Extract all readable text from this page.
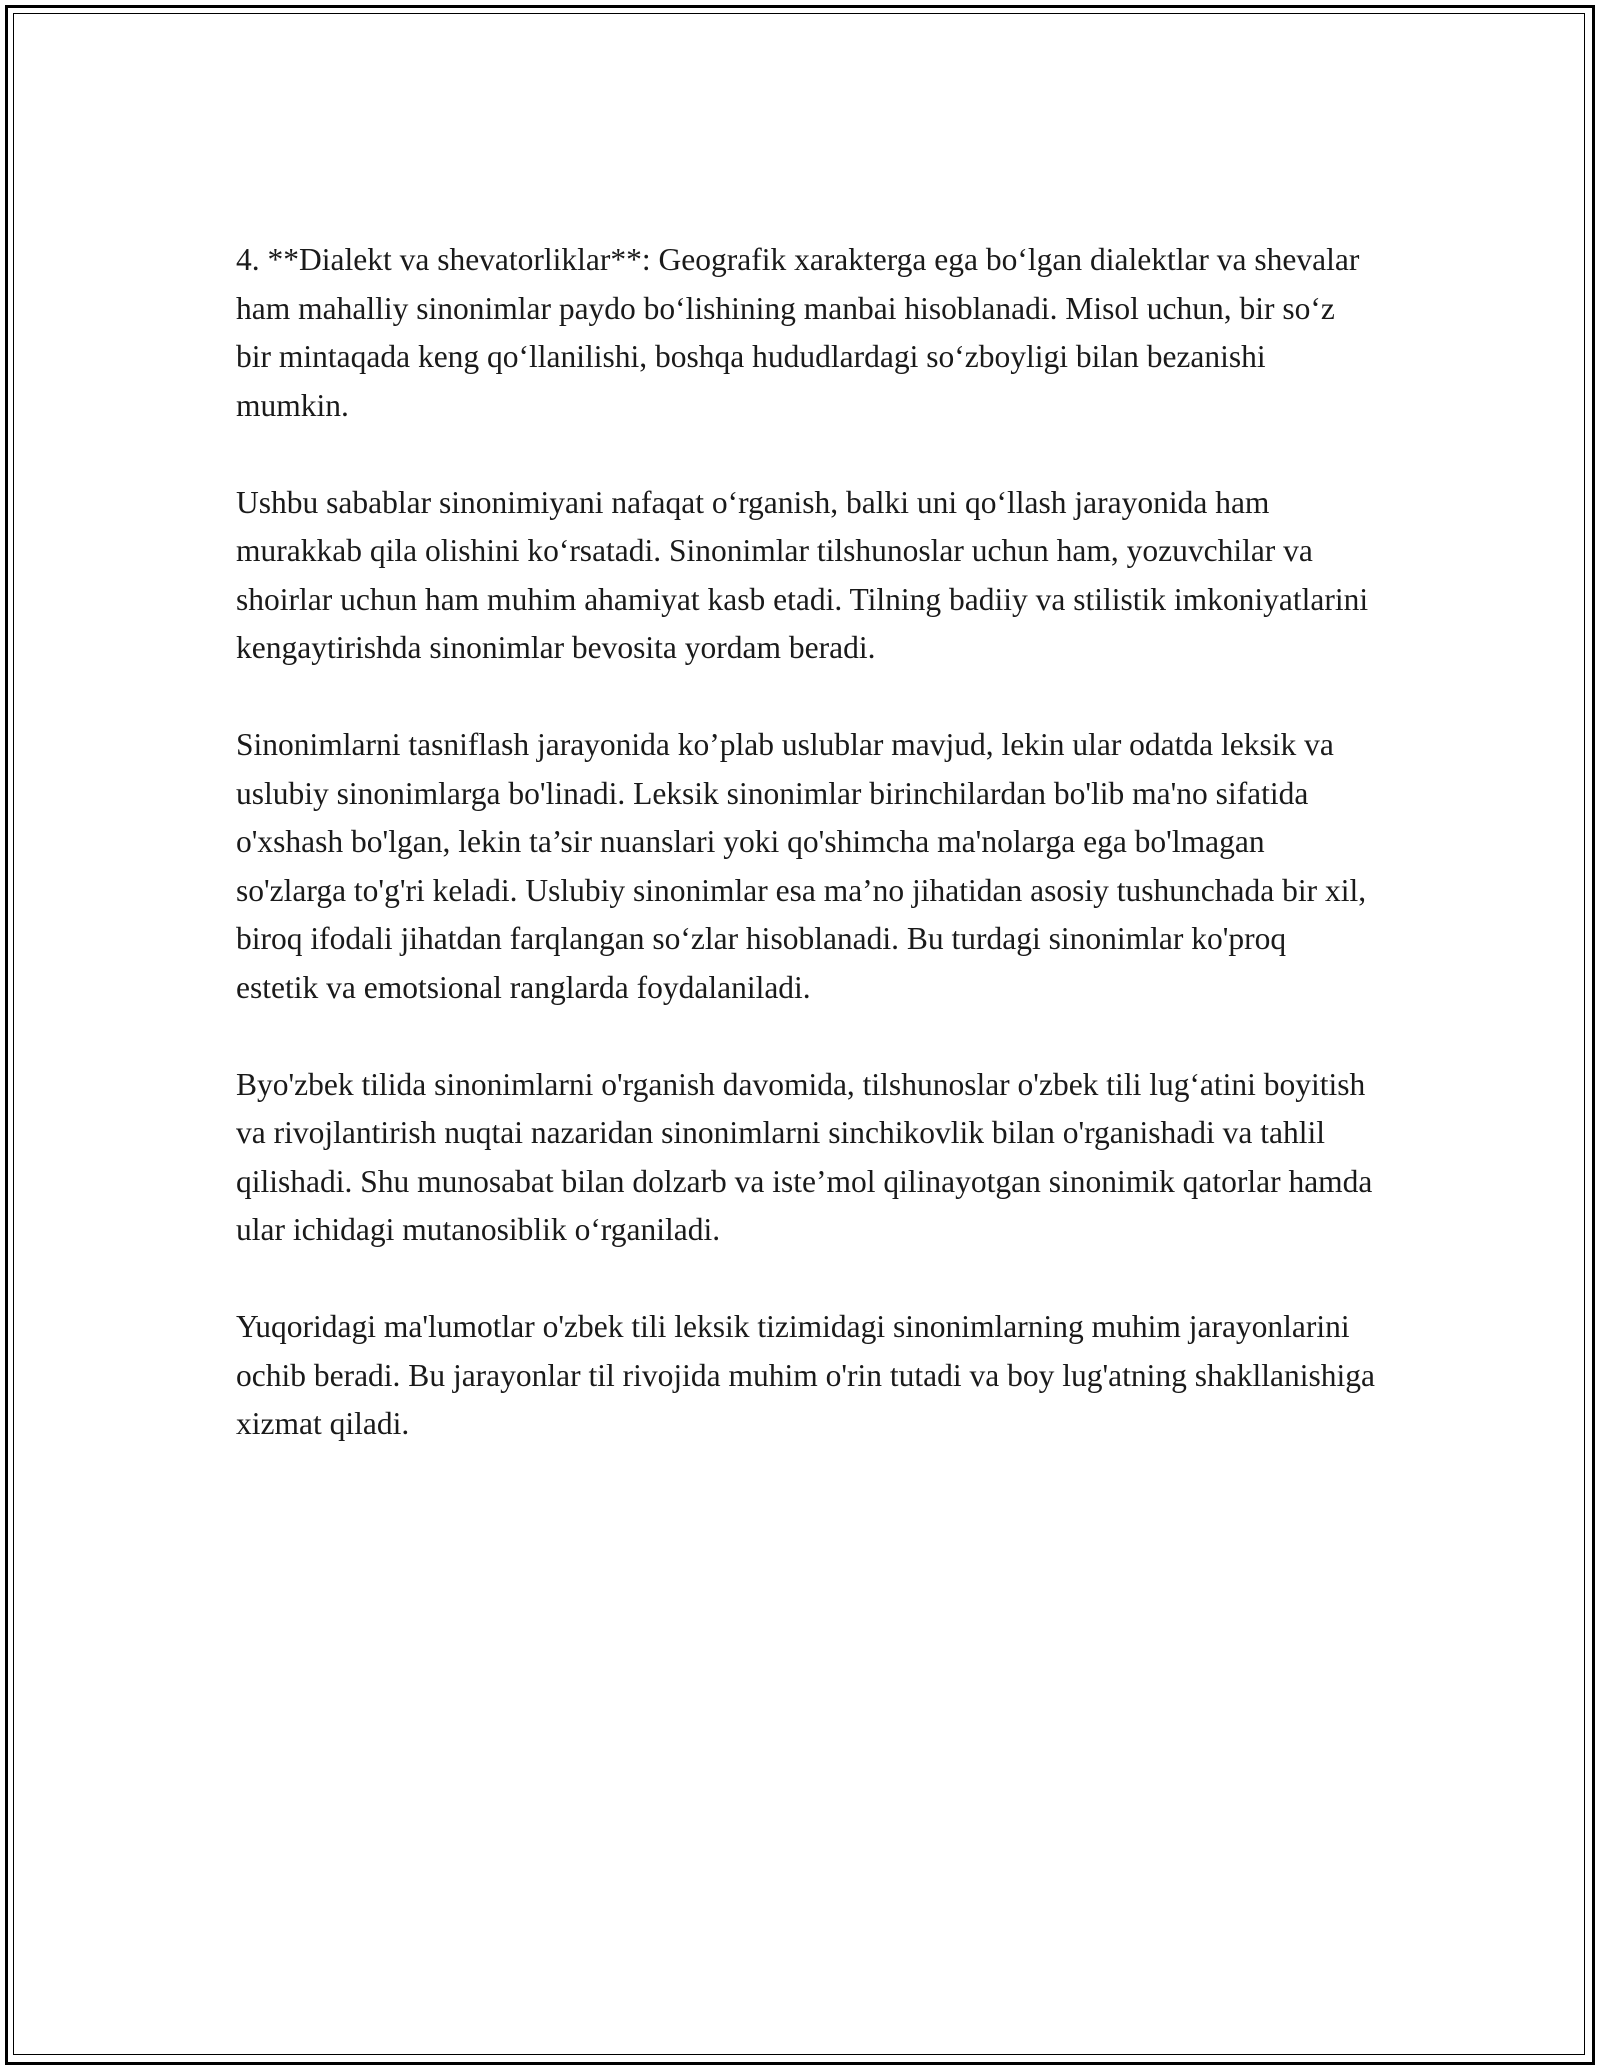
4. **Dialekt va shevatorliklar**: Geografik xarakterga ega bo‘lgan dialektlar va shevalar ham mahalliy sinonimlar paydo bo‘lishining manbai hisoblanadi. Misol uchun, bir so‘z bir mintaqada keng qo‘llanilishi, boshqa hududlardagi so‘zboyligi bilan bezanishi mumkin.

Ushbu sabablar sinonimiyani nafaqat o‘rganish, balki uni qo‘llash jarayonida ham murakkab qila olishini ko‘rsatadi. Sinonimlar tilshunoslar uchun ham, yozuvchilar va shoirlar uchun ham muhim ahamiyat kasb etadi. Tilning badiiy va stilistik imkoniyatlarini kengaytirishda sinonimlar bevosita yordam beradi.

Sinonimlarni tasniflash jarayonida ko’plab uslublar mavjud, lekin ular odatda leksik va uslubiy sinonimlarga bo'linadi. Leksik sinonimlar birinchilardan bo'lib ma'no sifatida o'xshash bo'lgan, lekin ta’sir nuanslari yoki qo'shimcha ma'nolarga ega bo'lmagan so'zlarga to'g'ri keladi. Uslubiy sinonimlar esa ma’no jihatidan asosiy tushunchada bir xil, biroq ifodali jihatdan farqlangan so‘zlar hisoblanadi. Bu turdagi sinonimlar ko'proq estetik va emotsional ranglarda foydalaniladi.

Byo'zbek tilida sinonimlarni o'rganish davomida, tilshunoslar o'zbek tili lug‘atini boyitish va rivojlantirish nuqtai nazaridan sinonimlarni sinchikovlik bilan o'rganishadi va tahlil qilishadi. Shu munosabat bilan dolzarb va iste’mol qilinayotgan sinonimik qatorlar hamda ular ichidagi mutanosiblik o‘rganiladi.

Yuqoridagi ma'lumotlar o'zbek tili leksik tizimidagi sinonimlarning muhim jarayonlarini ochib beradi. Bu jarayonlar til rivojida muhim o'rin tutadi va boy lug'atning shakllanishiga xizmat qiladi.
